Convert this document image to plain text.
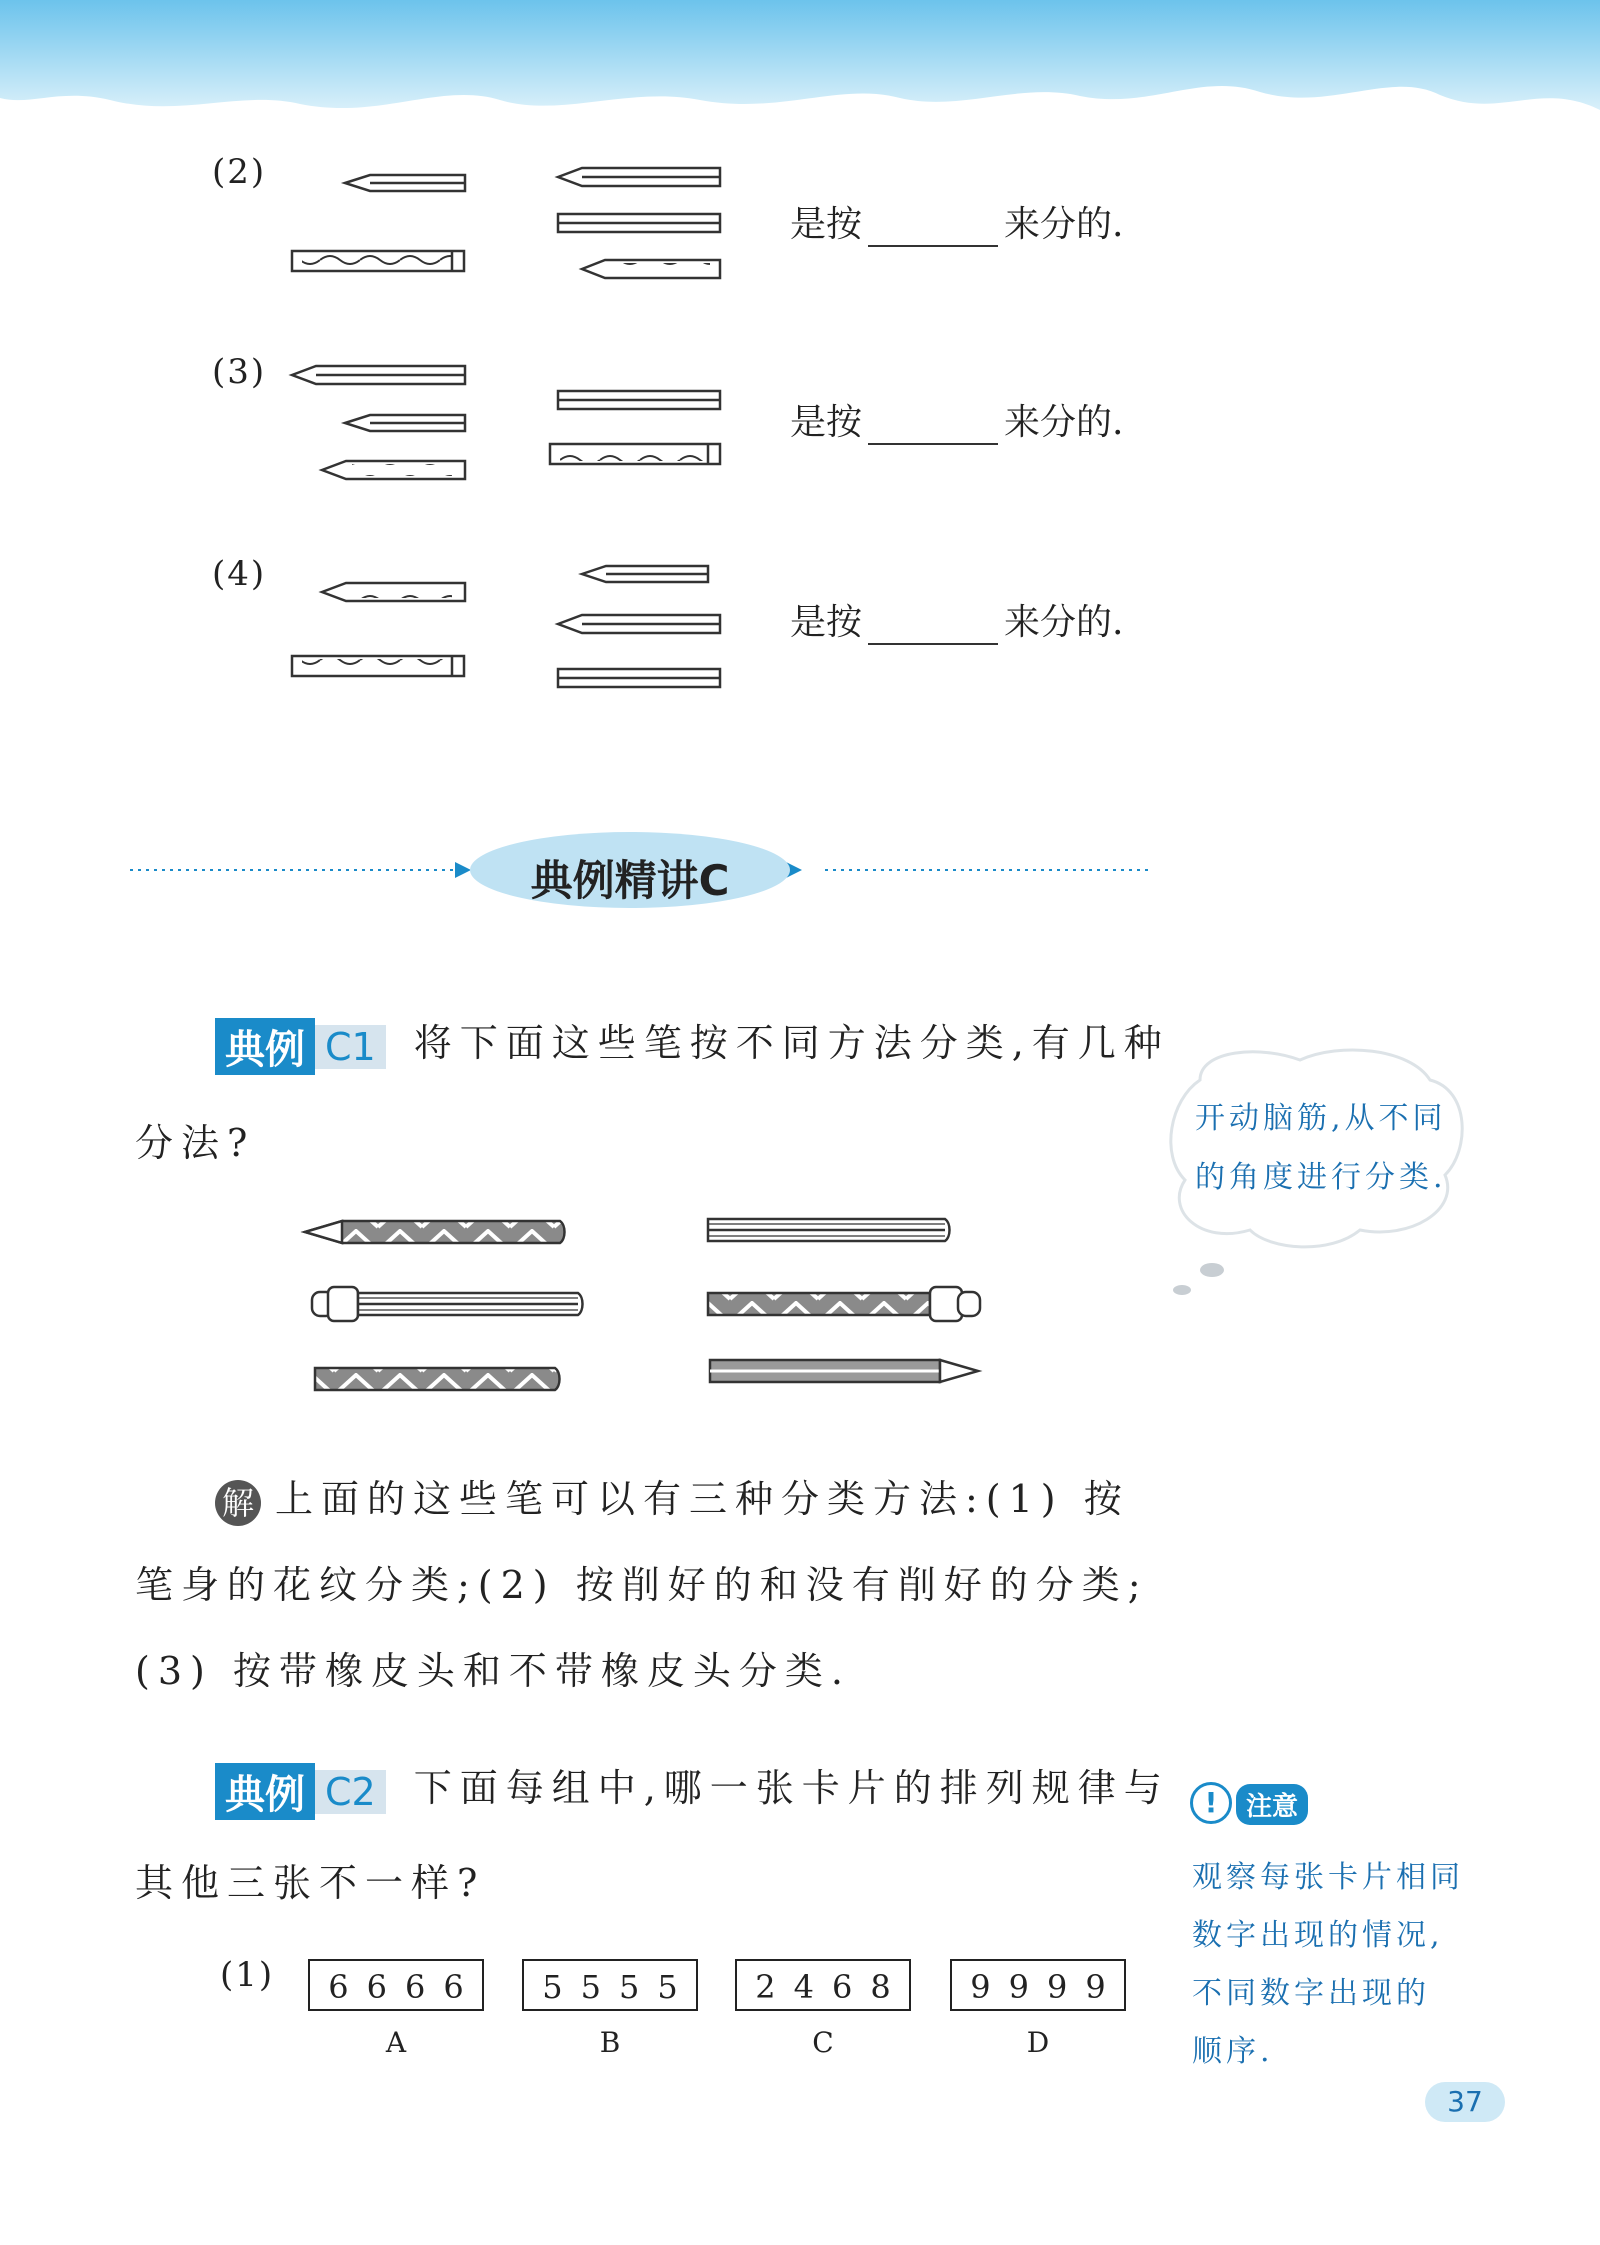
(2)
是按	来分的.
(3)
是按	来分的.
(4)
是按	来分的.
典例精讲C
典例 C1 将下面这些笔按不同方法分类,有几种
分法?
开动脑筋,从不同
的角度进行分类.
解 上面的这些笔可以有三种分类方法:(1) 按
笔身的花纹分类;(2) 按削好的和没有削好的分类;
(3) 按带橡皮头和不带橡皮头分类.
典例 C2 下面每组中,哪一张卡片的排列规律与
其他三张不一样?
(1)	6666	5555	2468	9999
A	B	C	D
!	注意
观察每张卡片相同
数字出现的情况,
不同数字出现的
顺序.
37
